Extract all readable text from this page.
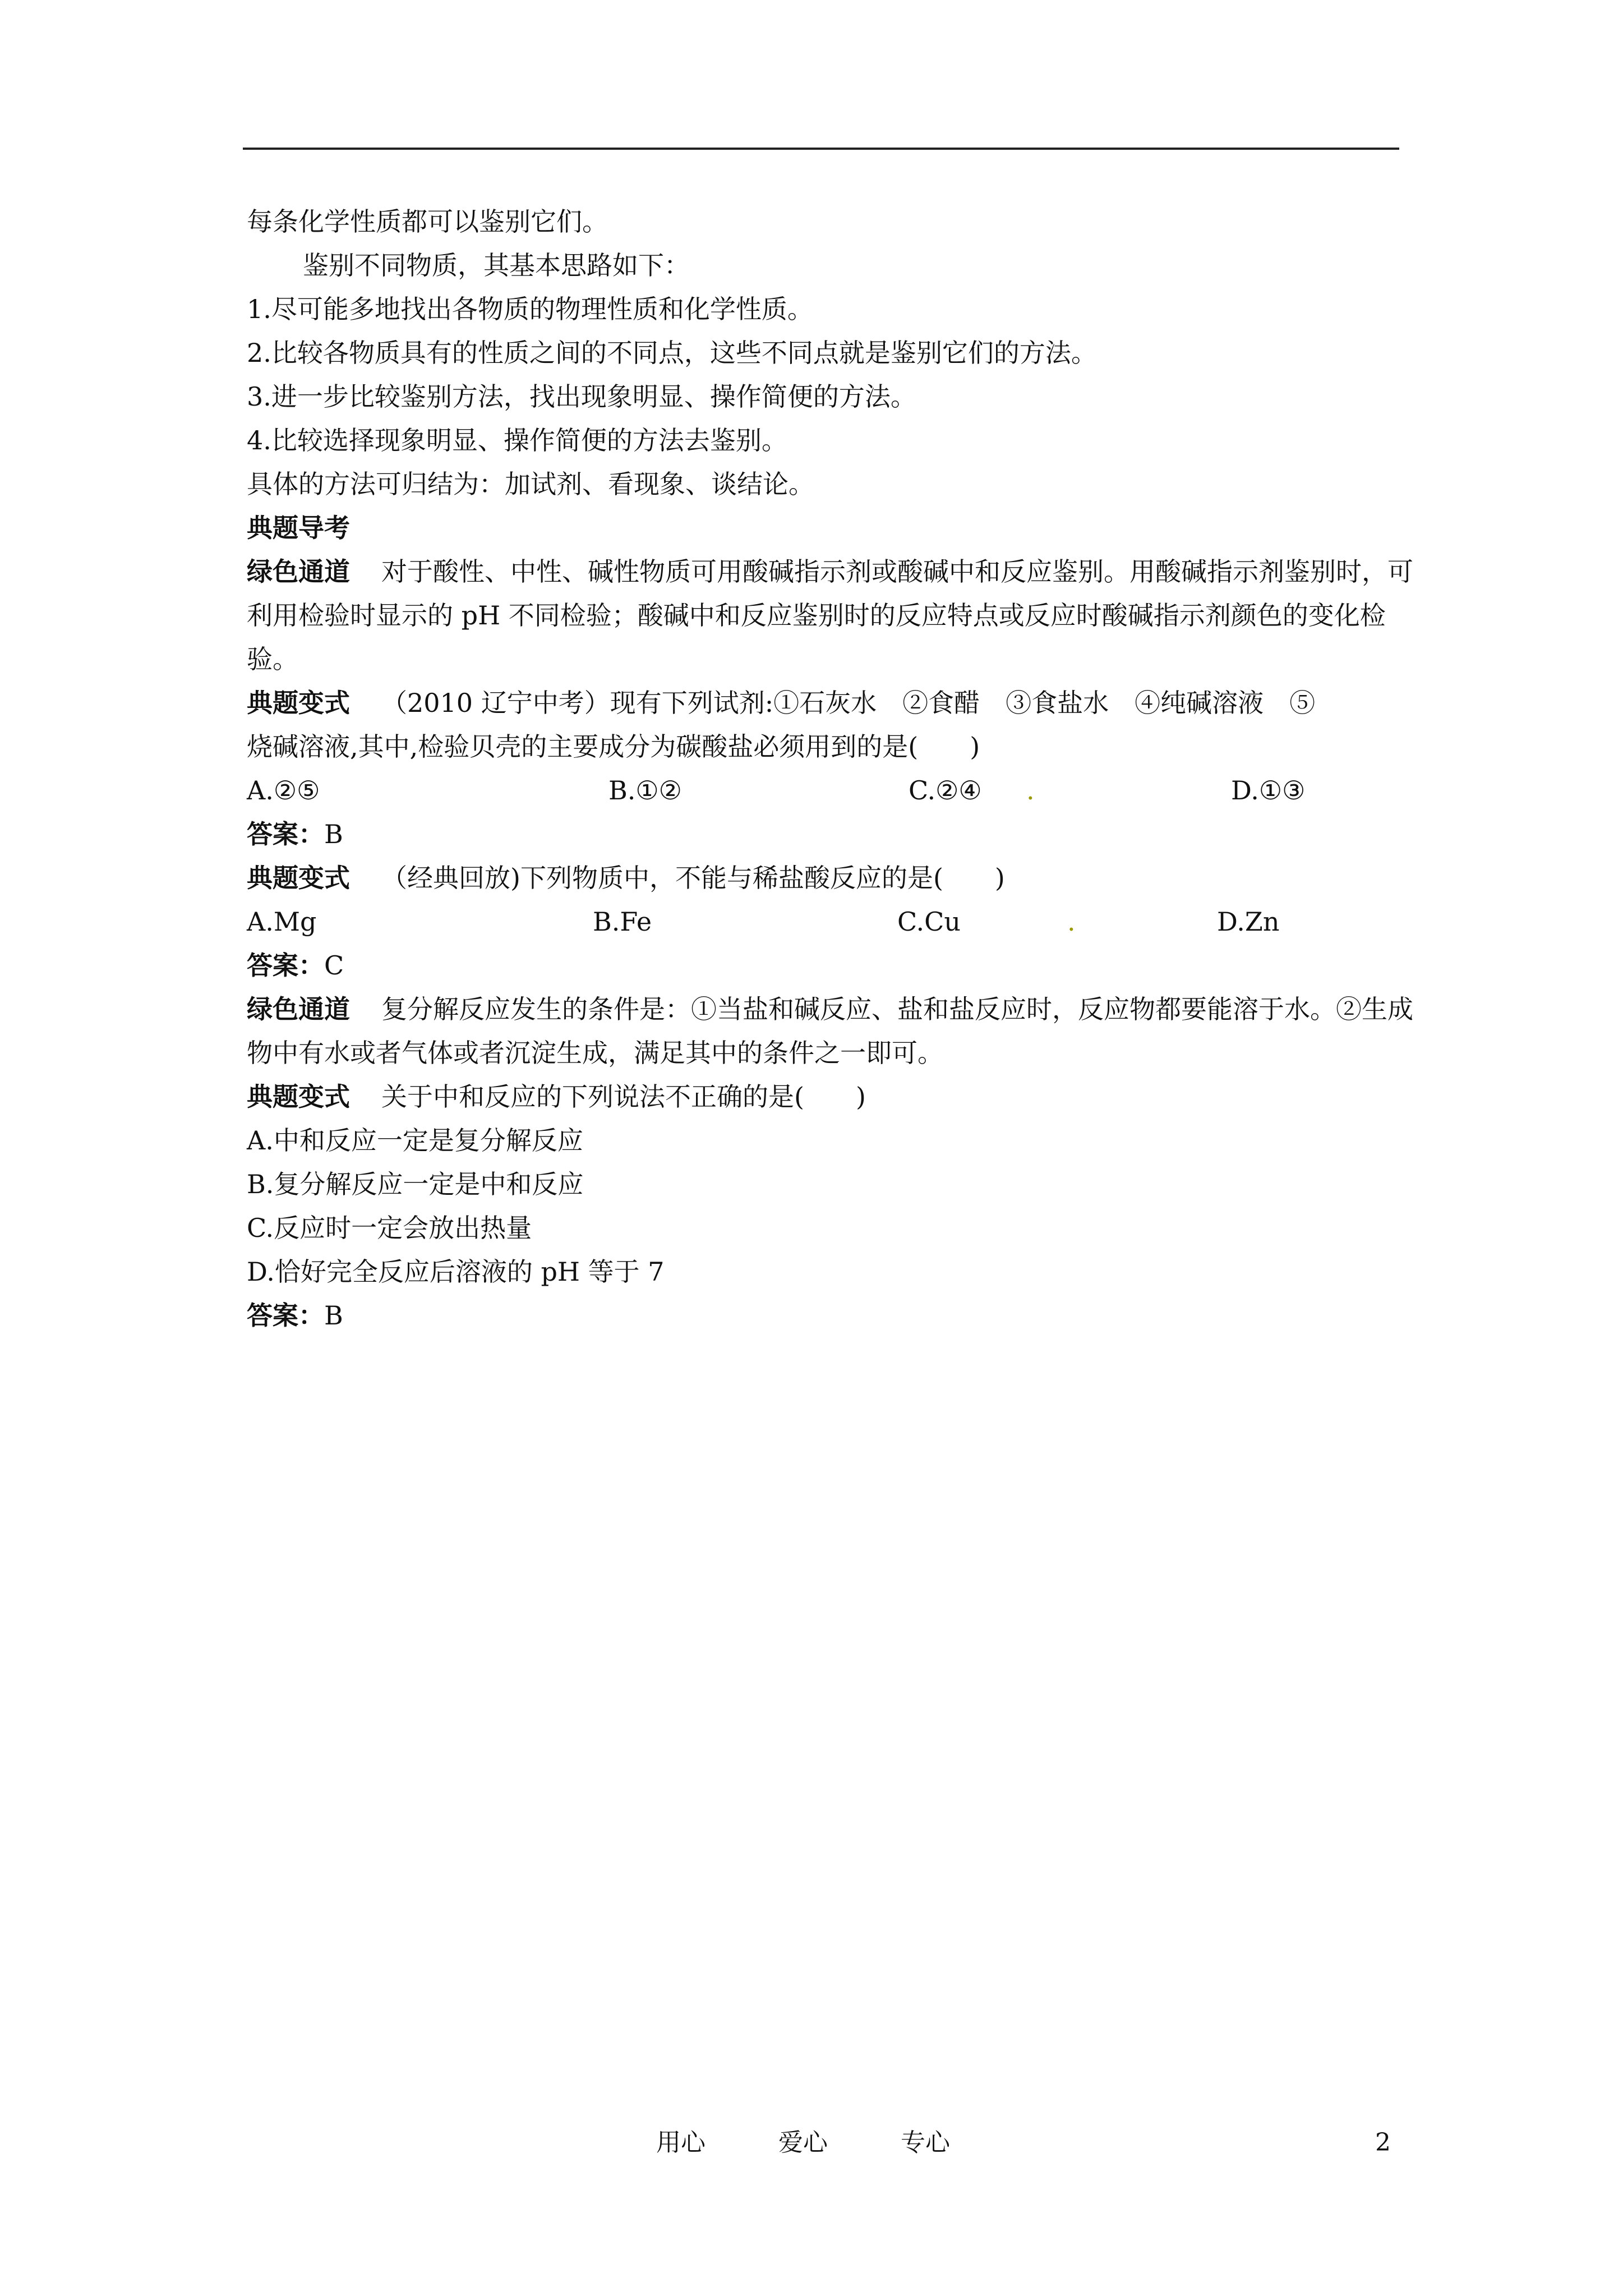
每条化学性质都可以鉴别它们。
鉴别不同物质，其基本思路如下：
1.尽可能多地找出各物质的物理性质和化学性质。
2.比较各物质具有的性质之间的不同点，这些不同点就是鉴别它们的方法。
3.进一步比较鉴别方法，找出现象明显、操作简便的方法。
4.比较选择现象明显、操作简便的方法去鉴别。
具体的方法可归结为：加试剂、看现象、谈结论。
典题导考
绿色通道 对于酸性、中性、碱性物质可用酸碱指示剂或酸碱中和反应鉴别。用酸碱指示剂鉴别时，可利用检验时显示的 pH 不同检验；酸碱中和反应鉴别时的反应特点或反应时酸碱指示剂颜色的变化检验。
典题变式 （2010 辽宁中考）现有下列试剂:①石灰水　②食醋　③食盐水　④纯碱溶液　⑤
烧碱溶液,其中,检验贝壳的主要成分为碳酸盐必须用到的是(　　)
A.②⑤	B.①②	C.②④ .	D.①③
答案：B
典题变式 （经典回放)下列物质中，不能与稀盐酸反应的是(　　)
A.Mg	B.Fe	C.Cu	.	D.Zn
答案：C
绿色通道 复分解反应发生的条件是：①当盐和碱反应、盐和盐反应时，反应物都要能溶于水。②生成物中有水或者气体或者沉淀生成，满足其中的条件之一即可。
典题变式 关于中和反应的下列说法不正确的是(　　)
A.中和反应一定是复分解反应
B.复分解反应一定是中和反应
C.反应时一定会放出热量
D.恰好完全反应后溶液的 pH 等于 7
答案：B
用心	爱心	专心	2
